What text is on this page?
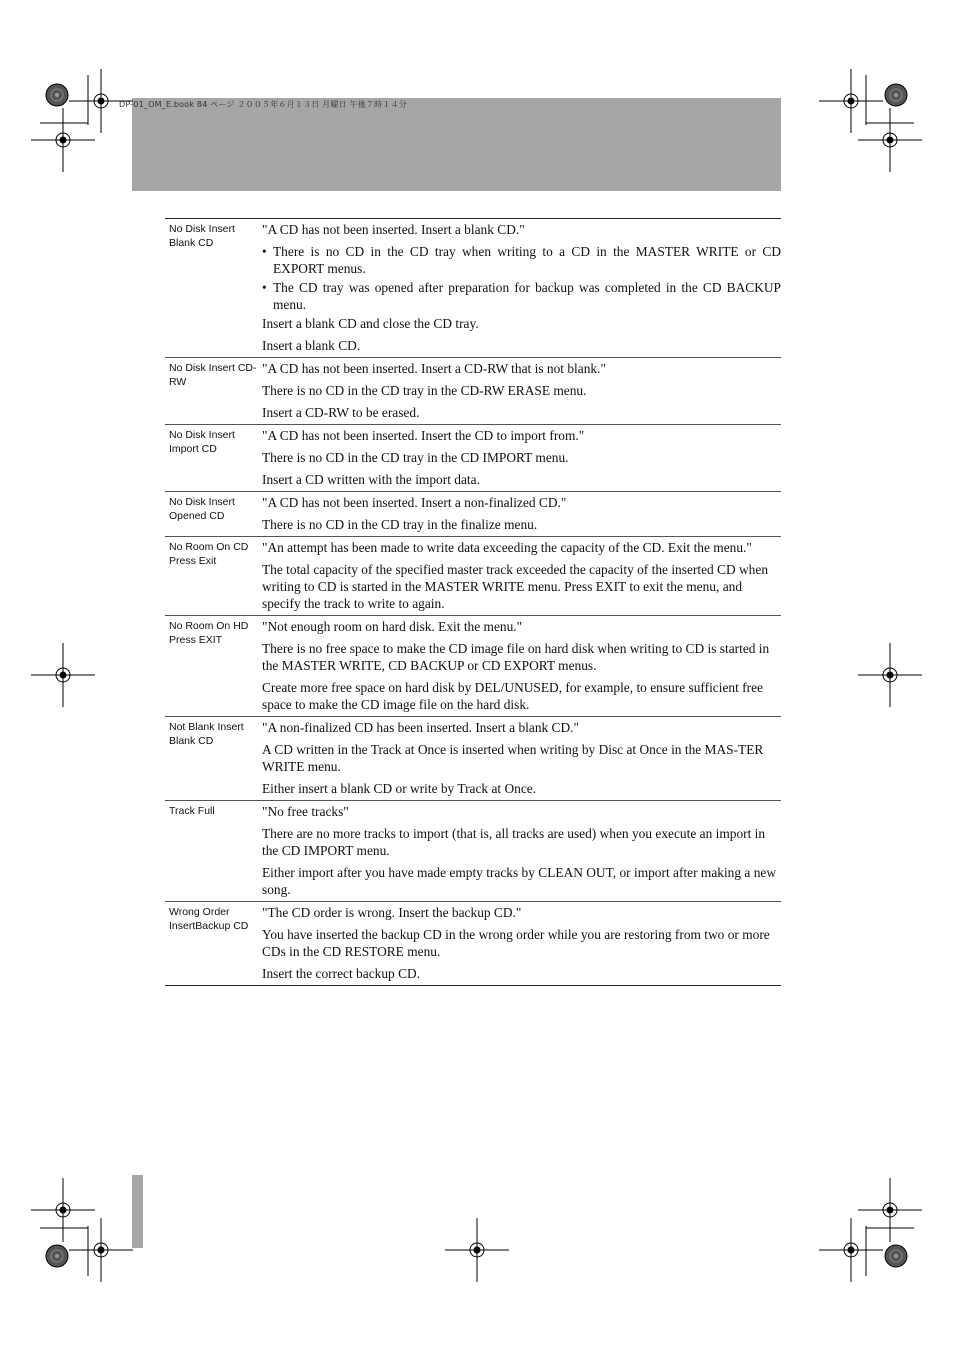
DP-01_OM_E.book 84 ページ ２００５年６月１３日 月曜日 午後７時１４分
No Disk Insert
Blank CD

"A CD has not been inserted. Insert a blank CD."

• There is no CD in the CD tray when writing to a CD in the MASTER WRITE or CD EXPORT menus.
• The CD tray was opened after preparation for backup was completed in the CD BACKUP menu.

Insert a blank CD and close the CD tray.

Insert a blank CD.

No Disk Insert CD-
RW

"A CD has not been inserted. Insert a CD-RW that is not blank."

There is no CD in the CD tray in the CD-RW ERASE menu.

Insert a CD-RW to be erased.

No Disk Insert
Import CD

"A CD has not been inserted. Insert the CD to import from."

There is no CD in the CD tray in the CD IMPORT menu.

Insert a CD written with the import data.

No Disk Insert
Opened CD

"A CD has not been inserted. Insert a non-finalized CD."

There is no CD in the CD tray in the finalize menu.

No Room On CD
Press Exit

"An attempt has been made to write data exceeding the capacity of the CD. Exit the menu."

The total capacity of the specified master track exceeded the capacity of the inserted CD when writing to CD is started in the MASTER WRITE menu. Press EXIT to exit the menu, and specify the track to write to again.

No Room On HD
Press EXIT

"Not enough room on hard disk. Exit the menu."

There is no free space to make the CD image file on hard disk when writing to CD is started in the MASTER WRITE, CD BACKUP or CD EXPORT menus.

Create more free space on hard disk by DEL/UNUSED, for example, to ensure sufficient free space to make the CD image file on the hard disk.

Not Blank Insert
Blank CD

"A non-finalized CD has been inserted. Insert a blank CD."

A CD written in the Track at Once is inserted when writing by Disc at Once in the MAS-TER WRITE menu.

Either insert a blank CD or write by Track at Once.

Track Full	"No free tracks"

There are no more tracks to import (that is, all tracks are used) when you execute an import in the CD IMPORT menu.

Either import after you have made empty tracks by CLEAN OUT, or import after making a new song.

Wrong Order
InsertBackup CD

"The CD order is wrong. Insert the backup CD."

You have inserted the backup CD in the wrong order while you are restoring from two or more CDs in the CD RESTORE menu.

Insert the correct backup CD.
